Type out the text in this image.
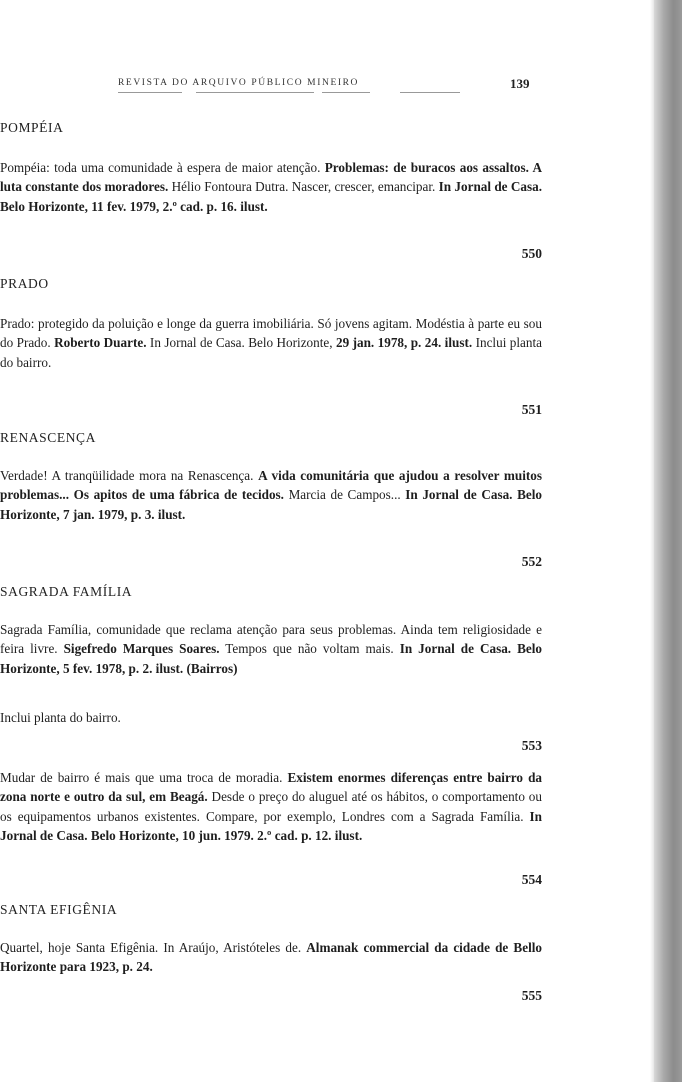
REVISTA DO ARQUIVO PÚBLICO MINEIRO	139
POMPÉIA
Pompéia: toda uma comunidade à espera de maior atenção. Problemas: de buracos aos assaltos. A luta constante dos moradores. Hélio Fontoura Dutra. Nascer, crescer, emancipar. In Jornal de Casa. Belo Horizonte, 11 fev. 1979, 2.º cad. p. 16. ilust.
550
PRADO
Prado: protegido da poluição e longe da guerra imobiliária. Só jovens agitam. Modéstia à parte eu sou do Prado. Roberto Duarte. In Jornal de Casa. Belo Horizonte, 29 jan. 1978, p. 24. ilust. Inclui planta do bairro.
551
RENASCENÇA
Verdade! A tranqüilidade mora na Renascença. A vida comunitária que ajudou a resolver muitos problemas... Os apitos de uma fábrica de tecidos. Marcia de Campos... In Jornal de Casa. Belo Horizonte, 7 jan. 1979, p. 3. ilust.
552
SAGRADA FAMÍLIA
Sagrada Família, comunidade que reclama atenção para seus problemas. Ainda tem religiosidade e feira livre. Sigefredo Marques Soares. Tempos que não voltam mais. In Jornal de Casa. Belo Horizonte, 5 fev. 1978, p. 2. ilust. (Bairros)
Inclui planta do bairro.
553
Mudar de bairro é mais que uma troca de moradia. Existem enormes diferenças entre bairro da zona norte e outro da sul, em Beagá. Desde o preço do aluguel até os hábitos, o comportamento ou os equipamentos urbanos existentes. Compare, por exemplo, Londres com a Sagrada Família. In Jornal de Casa. Belo Horizonte, 10 jun. 1979. 2.º cad. p. 12. ilust.
554
SANTA EFIGÊNIA
Quartel, hoje Santa Efigênia. In Araújo, Aristóteles de. Almanak commercial da cidade de Bello Horizonte para 1923, p. 24.
555
